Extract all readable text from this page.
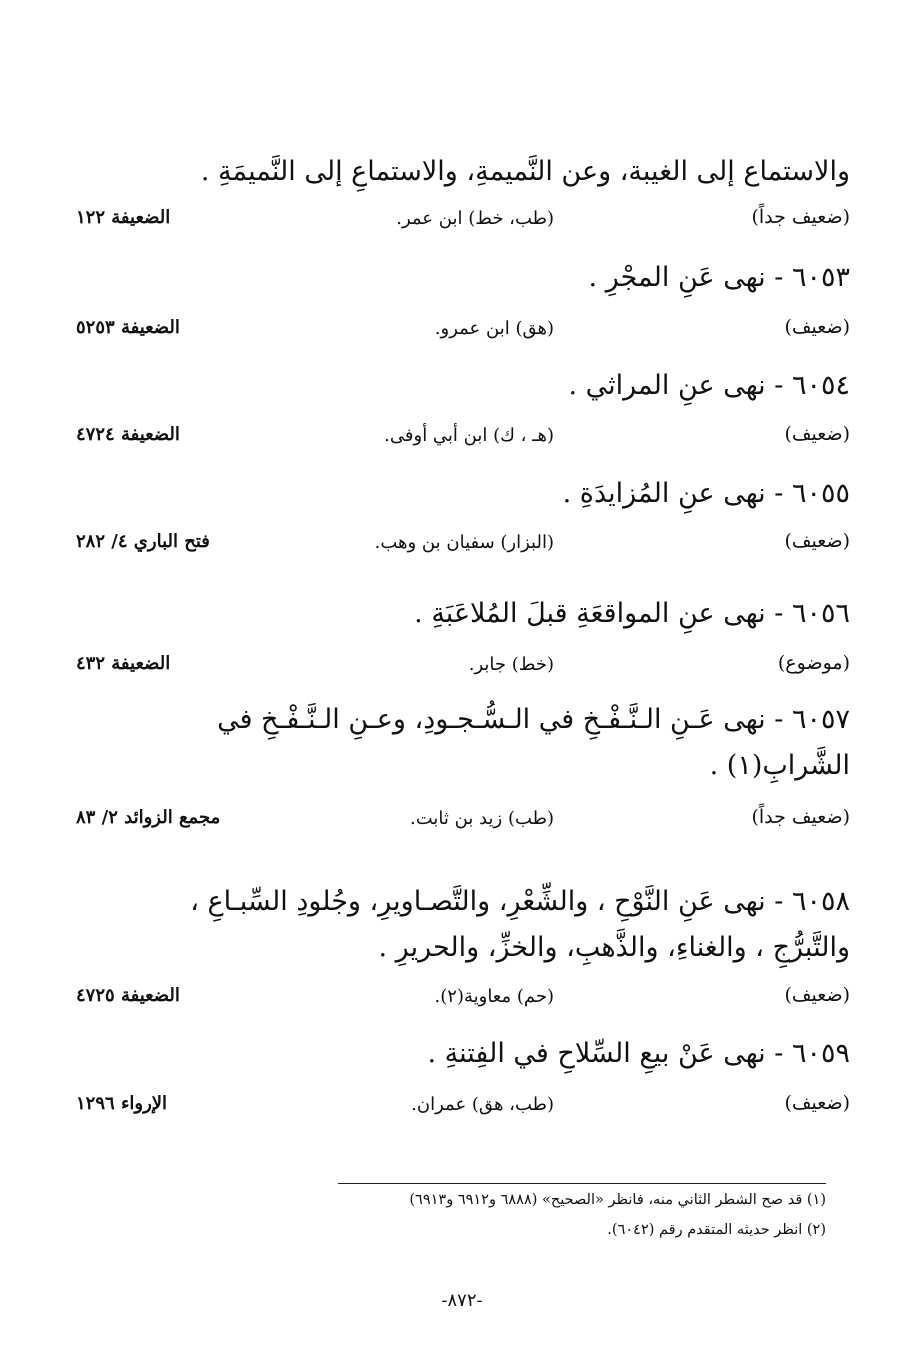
والاستماع إلى الغيبة، وعن النَّميمةِ، والاستماعِ إلى النَّميمَةِ .
(ضعيف جداً)
(طب، خط) ابن عمر.
الضعيفة ١٢٢
٦٠٥٣ - نهى عَنِ المجْرِ .
(ضعيف)
(هق) ابن عمرو.
الضعيفة ٥٢٥٣
٦٠٥٤ - نهى عنِ المراثي .
(ضعيف)
(هـ ، ك) ابن أبي أوفى.
الضعيفة ٤٧٢٤
٦٠٥٥ - نهى عنِ المُزايدَةِ .
(ضعيف)
(البزار) سفيان بن وهب.
فتح الباري ٤/ ٢٨٢
٦٠٥٦ - نهى عنِ المواقعَةِ قبلَ المُلاعَبَةِ .
(موضوع)
(خط) جابر.
الضعيفة ٤٣٢
٦٠٥٧ - نهى عَـنِ الـنَّـفْـخِ في الـسُّـجـودِ، وعـنِ الـنَّـفْـخِ في
الشَّرابِ(١) .
(ضعيف جداً)
(طب) زيد بن ثابت.
مجمع الزوائد ٢/ ٨٣
٦٠٥٨ - نهى عَنِ النَّوْحِ ، والشِّعْرِ، والتَّصـاويرِ، وجُلودِ السِّبـاعِ ،
والتَّبرُّجِ ، والغناءِ، والذَّهبِ، والخزِّ، والحريرِ .
(ضعيف)
(حم) معاوية(٢).
الضعيفة ٤٧٢٥
٦٠٥٩ - نهى عَنْ بيعِ السِّلاحِ في الفِتنةِ .
(ضعيف)
(طب، هق) عمران.
الإرواء ١٢٩٦
(١) قد صح الشطر الثاني منه، فانظر «الصحيح» (٦٨٨٨ و٦٩١٢ و٦٩١٣)
(٢) انظر حديثه المتقدم رقم (٦٠٤٢).
-٨٧٢-
